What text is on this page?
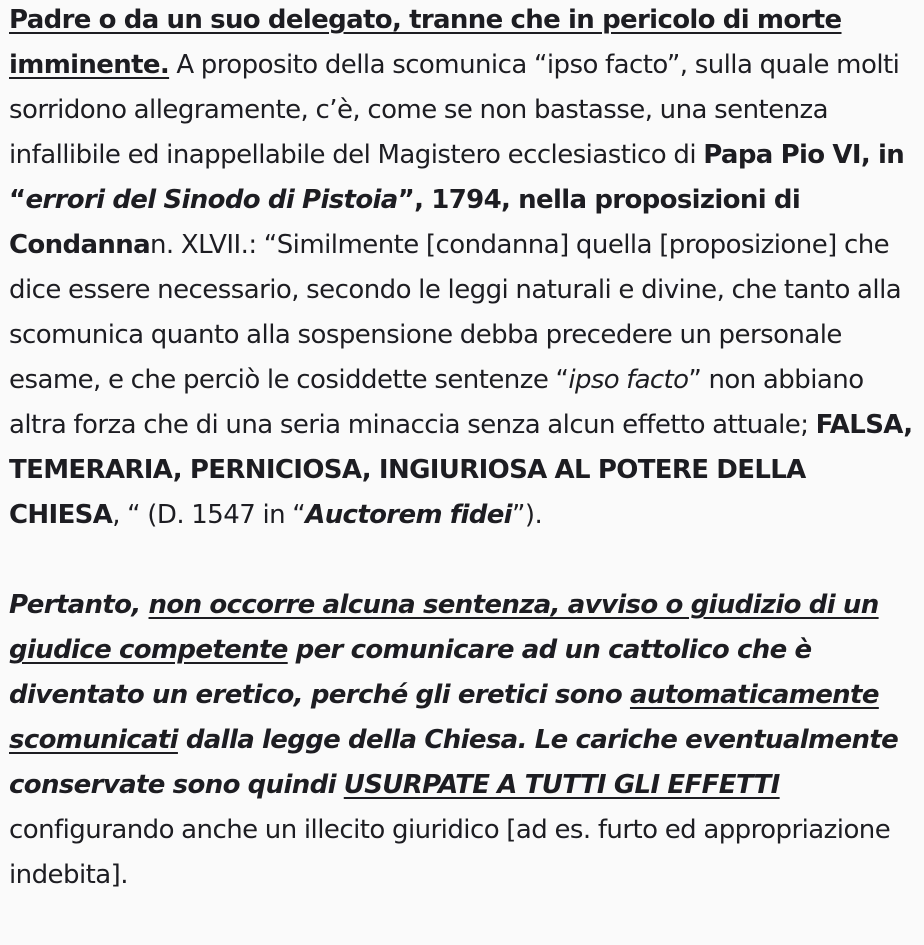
Padre o da un suo delegato, tranne che in pericolo di morte imminente. A proposito della scomunica “ipso facto”, sulla quale molti sorridono allegramente, c’è, come se non bastasse, una sentenza infallibile ed inappellabile del Magistero ecclesiastico di Papa Pio VI, in “errori del Sinodo di Pistoia”, 1794, nella proposizioni di Condannan. XLVII.: “Similmente [condanna] quella [proposizione] che dice essere necessario, secondo le leggi naturali e divine, che tanto alla scomunica quanto alla sospensione debba precedere un personale esame, e che perciò le cosiddette sentenze “ipso facto” non abbiano altra forza che di una seria minaccia senza alcun effetto attuale; FALSA, TEMERARIA, PERNICIOSA, INGIURIOSA AL POTERE DELLA CHIESA, “ (D. 1547 in “Auctorem fidei”).

Pertanto, non occorre alcuna sentenza, avviso o giudizio di un giudice competente per comunicare ad un cattolico che è diventato un eretico, perché gli eretici sono automaticamente scomunicati dalla legge della Chiesa. Le cariche eventualmente conservate sono quindi USURPATE A TUTTI GLI EFFETTI configurando anche un illecito giuridico [ad es. furto ed appropriazione indebita].
